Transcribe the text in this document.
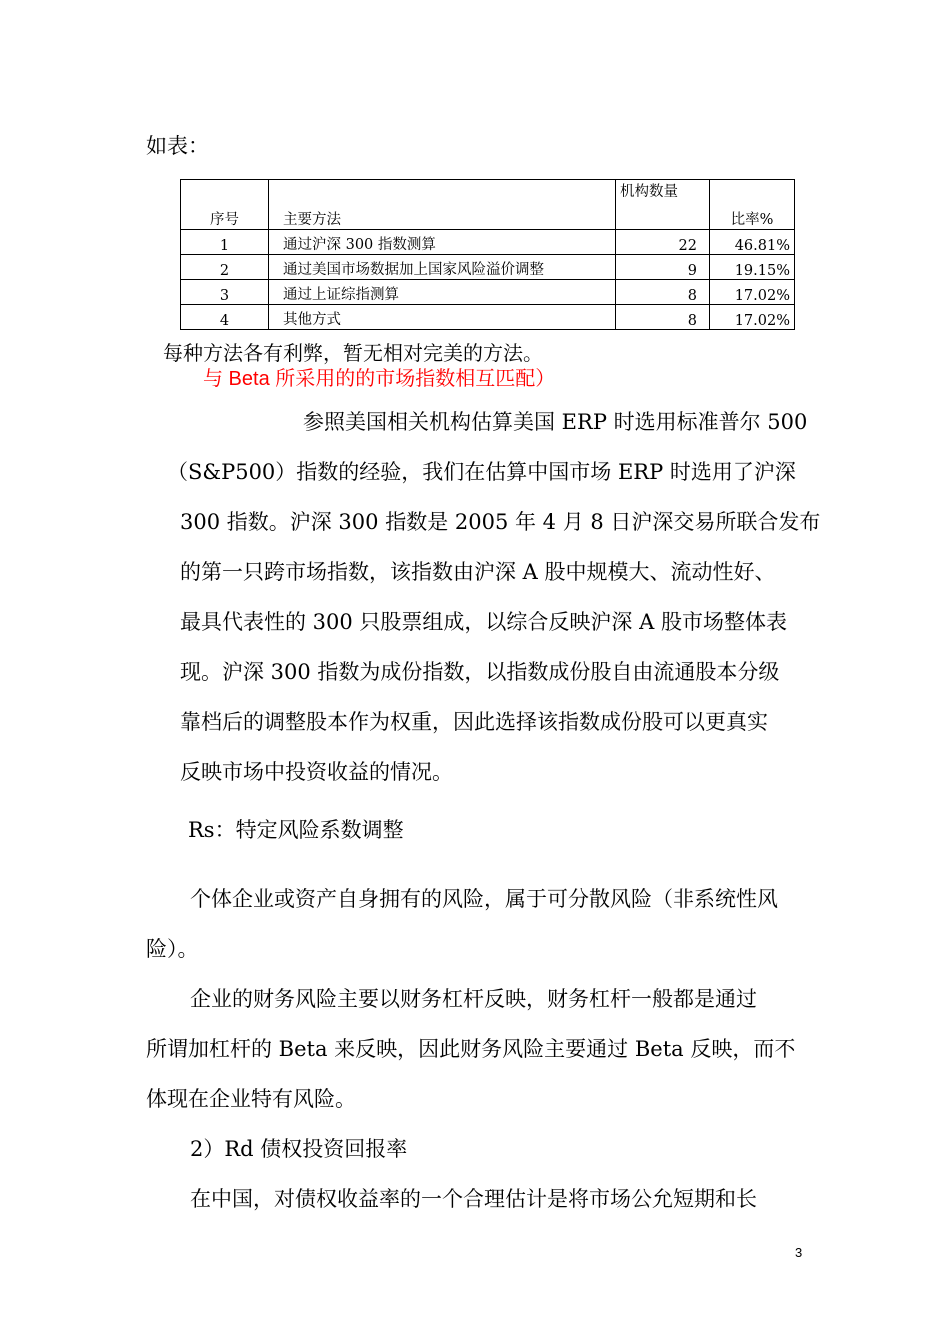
如表：
序号	主要方法	机构数量	比率%
1	通过沪深 300 指数测算	22	46.81%
2	通过美国市场数据加上国家风险溢价调整	9	19.15%
3	通过上证综指测算	8	17.02%
4	其他方式	8	17.02%
每种方法各有利弊，暂无相对完美的方法。
与 Beta 所采用的的市场指数相互匹配）
参照美国相关机构估算美国 ERP 时选用标准普尔 500
（S&P500）指数的经验，我们在估算中国市场 ERP 时选用了沪深
300 指数。沪深 300 指数是 2005 年 4 月 8 日沪深交易所联合发布
的第一只跨市场指数，该指数由沪深 A 股中规模大、流动性好、
最具代表性的 300 只股票组成，以综合反映沪深 A 股市场整体表
现。沪深 300 指数为成份指数，以指数成份股自由流通股本分级
靠档后的调整股本作为权重，因此选择该指数成份股可以更真实
反映市场中投资收益的情况。
Rs：特定风险系数调整
个体企业或资产自身拥有的风险，属于可分散风险（非系统性风
险）。
企业的财务风险主要以财务杠杆反映，财务杠杆一般都是通过
所谓加杠杆的 Beta 来反映，因此财务风险主要通过 Beta 反映，而不
体现在企业特有风险。
2）Rd 债权投资回报率
在中国，对债权收益率的一个合理估计是将市场公允短期和长
3
